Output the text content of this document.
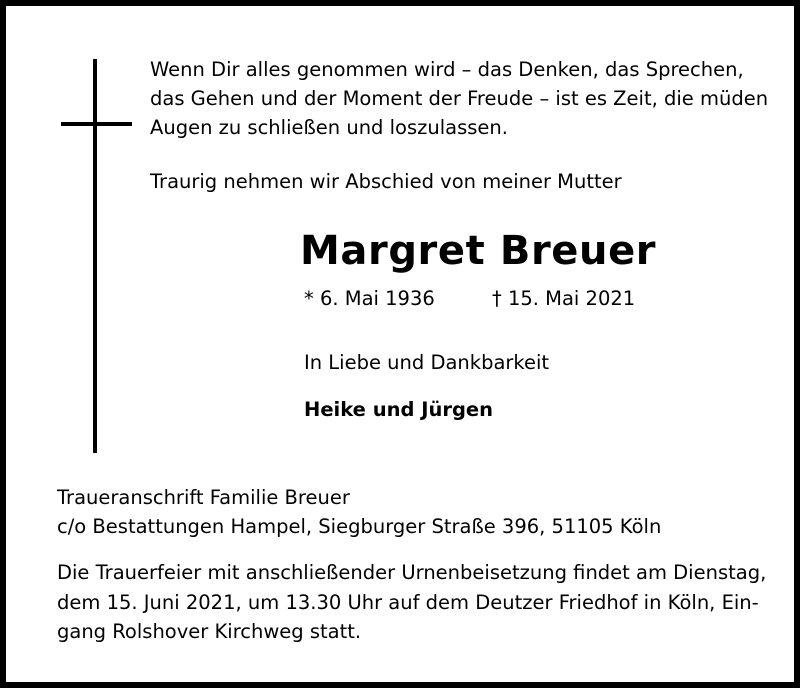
Wenn Dir alles genommen wird – das Denken, das Sprechen,
das Gehen und der Moment der Freude – ist es Zeit, die müden
Augen zu schließen und loszulassen.
Traurig nehmen wir Abschied von meiner Mutter
Margret Breuer
* 6. Mai 1936	† 15. Mai 2021
In Liebe und Dankbarkeit
Heike und Jürgen
Traueranschrift Familie Breuer
c/o Bestattungen Hampel, Siegburger Straße 396, 51105 Köln
Die Trauerfeier mit anschließender Urnenbeisetzung findet am Dienstag,
dem 15. Juni 2021, um 13.30 Uhr auf dem Deutzer Friedhof in Köln, Ein-
gang Rolshover Kirchweg statt.
